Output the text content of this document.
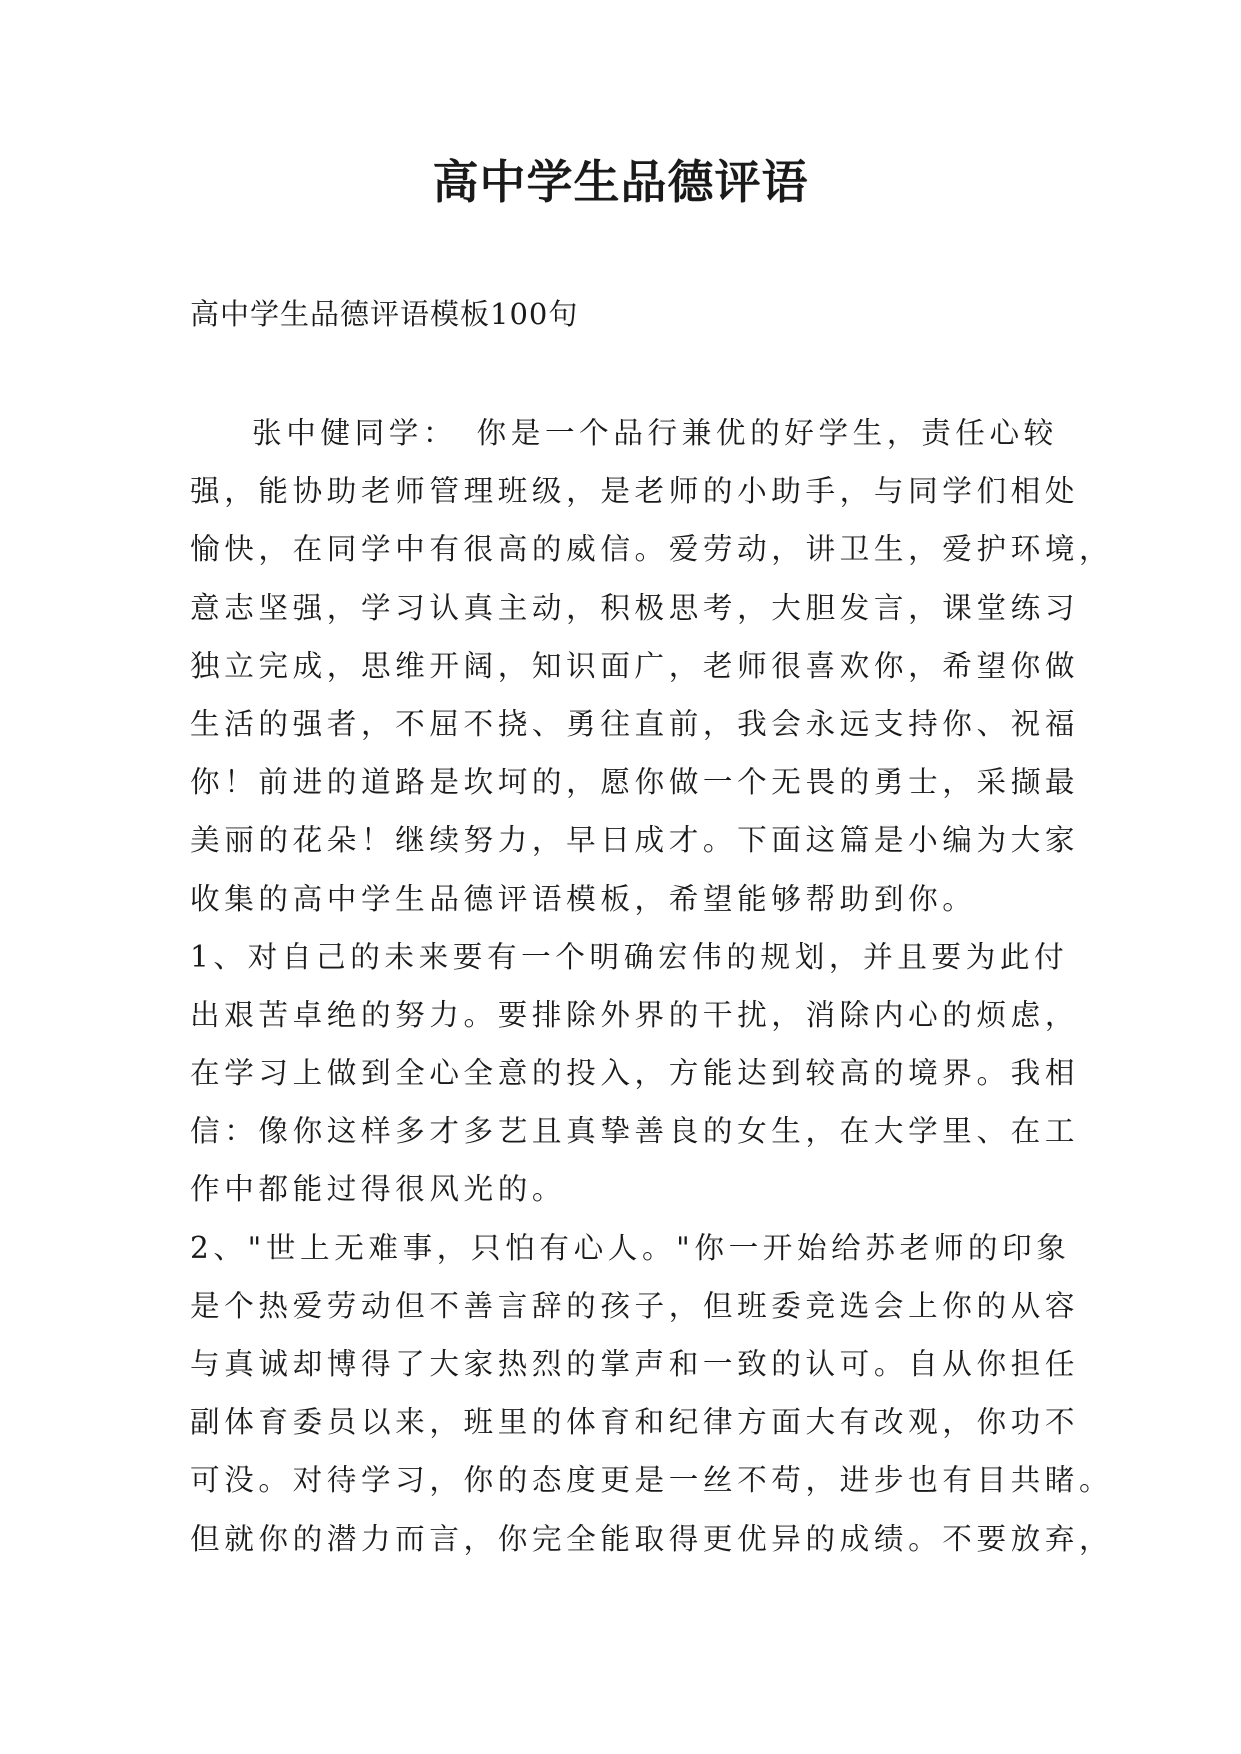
高中学生品德评语

高中学生品德评语模板100句

张中健同学：　你是一个品行兼优的好学生，责任心较

强，能协助老师管理班级，是老师的小助手，与同学们相处

愉快，在同学中有很高的威信。爱劳动，讲卫生，爱护环境，

意志坚强，学习认真主动，积极思考，大胆发言，课堂练习

独立完成，思维开阔，知识面广，老师很喜欢你，希望你做

生活的强者，不屈不挠、勇往直前，我会永远支持你、祝福

你！前进的道路是坎坷的，愿你做一个无畏的勇士，采撷最

美丽的花朵！继续努力，早日成才。下面这篇是小编为大家

收集的高中学生品德评语模板，希望能够帮助到你。

1、对自己的未来要有一个明确宏伟的规划，并且要为此付

出艰苦卓绝的努力。要排除外界的干扰，消除内心的烦虑，

在学习上做到全心全意的投入，方能达到较高的境界。我相

信：像你这样多才多艺且真挚善良的女生，在大学里、在工

作中都能过得很风光的。

2、"世上无难事，只怕有心人。"你一开始给苏老师的印象

是个热爱劳动但不善言辞的孩子，但班委竞选会上你的从容

与真诚却博得了大家热烈的掌声和一致的认可。自从你担任

副体育委员以来，班里的体育和纪律方面大有改观，你功不

可没。对待学习，你的态度更是一丝不苟，进步也有目共睹。

但就你的潜力而言，你完全能取得更优异的成绩。不要放弃，
